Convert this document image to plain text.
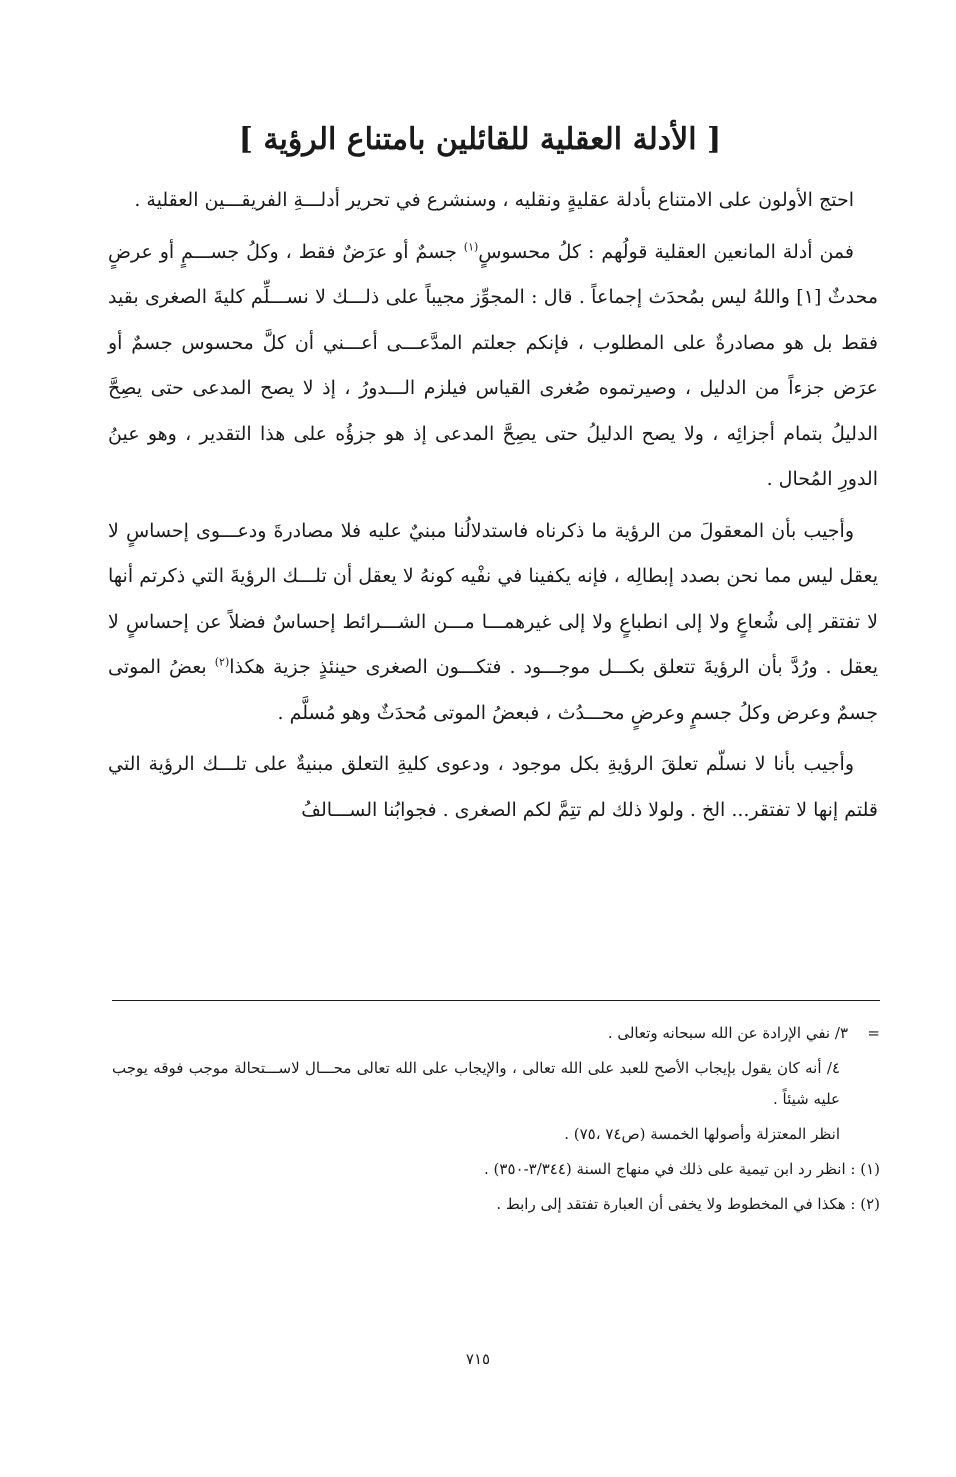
[ الأدلة العقلية للقائلين بامتناع الرؤية ]

احتج الأولون على الامتناع بأدلة عقليةٍ ونقليه ، وسنشرع في تحرير أدلـــةِ الفريقـــين العقلية .

فمن أدلة المانعين العقلية قولُهم : كلُ محسوسٍ$^{(١)}$ جسمٌ أو عرَضٌ فقط ، وكلُ جســـمٍ أو عرضٍ محدثٌ [١] واللهُ ليس بمُحدَث إجماعاً . قال : المجوِّز مجيباً على ذلـــك لا نســـلِّم كليةَ الصغرى بقيد فقط بل هو مصادرةٌ على المطلوب ، فإنكم جعلتم المدَّعـــى أعـــني أن كلَّ محسوس جسمٌ أو عرَض جزءاً من الدليل ، وصيرتموه صُغرى القياس فيلزم الـــدورُ ، إذ لا يصح المدعى حتى يصِحَّ الدليلُ بتمام أجزائِه ، ولا يصح الدليلُ حتى يصِحَّ المدعى إذ هو جزؤُه على هذا التقدير ، وهو عينُ الدورِ المُحال .

وأجيب بأن المعقولَ من الرؤية ما ذكرناه فاستدلالُنا مبنيٌ عليه فلا مصادرةَ ودعـــوى إحساسٍ لا يعقل ليس مما نحن بصدد إبطالِه ، فإنه يكفينا في نفْيه كونهُ لا يعقل أن تلـــك الرؤيةَ التي ذكرتم أنها لا تفتقر إلى شُعاعٍ ولا إلى انطباعٍ ولا إلى غيرهمـــا مـــن الشـــرائط إحساسٌ فضلاً عن إحساسٍ لا يعقل . ورُدَّ بأن الرؤيةَ تتعلق بكـــل موجـــود . فتكـــون الصغرى حينئذٍ جزية هكذا$^{(٢)}$ بعضُ الموتى جسمٌ وعرض وكلُ جسمٍ وعرضٍ محـــدُث ، فبعضُ الموتى مُحدَثٌ وهو مُسلَّم .

وأجيب بأنا لا نسلّم تعلقَ الرؤيةِ بكل موجود ، ودعوى كليةِ التعلق مبنيةٌ على تلـــك الرؤية التي قلتم إنها لا تفتقر... الخ . ولولا ذلك لم تتِمَّ لكم الصغرى . فجوابُنا الســـالفُ

=
٣/ نفي الإرادة عن الله سبحانه وتعالى .

٤/ أنه كان يقول بإيجاب الأصح للعبد على الله تعالى ، والإيجاب على الله تعالى محـــال لاســـتحالة موجب فوقه يوجب عليه شيئاً .

انظر المعتزلة وأصولها الخمسة (ص٧٤ ،٧٥) .

(١) : انظر رد ابن تيمية على ذلك في منهاج السنة (٣/٣٤٤-٣٥٠) .

(٢) : هكذا في المخطوط ولا يخفى أن العبارة تفتقد إلى رابط .

٧١٥
